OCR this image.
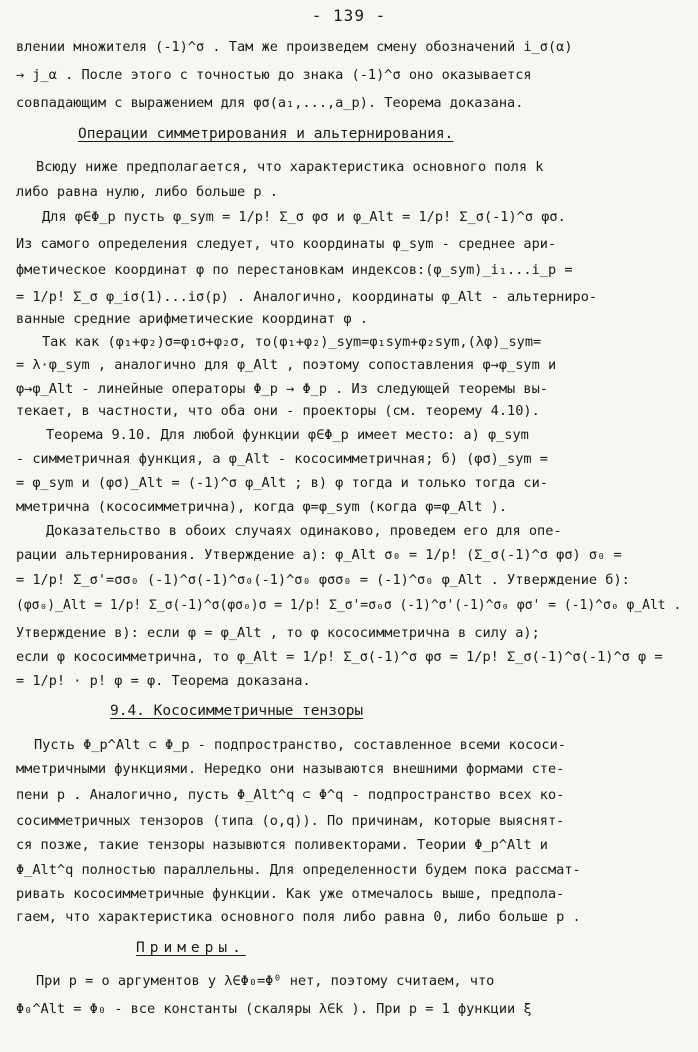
- 139 -
влении множителя (-1)^σ . Там же произведем смену обозначений i_σ(α)
→ j_α . После этого с точностью до знака (-1)^σ оно оказывается
совпадающим с выражением для φσ(a₁,...,a_p). Теорема доказана.
Операции симметрирования и альтернирования.
Всюду ниже предполагается, что характеристика основного поля k
либо равна нулю, либо больше p .
Для φ∈Φ_p пусть φ_sym = 1/p! Σ_σ φσ и φ_Alt = 1/p! Σ_σ(-1)^σ φσ.
Из самого определения следует, что координаты φ_sym - среднее ари-
фметическое координат φ по перестановкам индексов:(φ_sym)_i₁...i_p =
= 1/p! Σ_σ φ_iσ(1)...iσ(p) . Аналогично, координаты φ_Alt - альтерниро-
ванные средние арифметические координат φ .
Так как (φ₁+φ₂)σ=φ₁σ+φ₂σ, то(φ₁+φ₂)_sym=φ₁sym+φ₂sym,(λφ)_sym=
= λ·φ_sym , аналогично для φ_Alt , поэтому сопоставления φ→φ_sym и
φ→φ_Alt - линейные операторы Φ_p → Φ_p . Из следующей теоремы вы-
текает, в частности, что оба они - проекторы (см. теорему 4.10).
Теорема 9.10. Для любой функции φ∈Φ_p имеет место: а) φ_sym
- симметричная функция, а φ_Alt - кососимметричная; б) (φσ)_sym =
= φ_sym и (φσ)_Alt = (-1)^σ φ_Alt ; в) φ тогда и только тогда си-
мметрична (кососимметрична), когда φ=φ_sym (когда φ=φ_Alt ).
Доказательство в обоих случаях одинаково, проведем его для опе-
рации альтернирования. Утверждение а): φ_Alt σ₀ = 1/p! (Σ_σ(-1)^σ φσ) σ₀ =
= 1/p! Σ_σ'=σσ₀ (-1)^σ(-1)^σ₀(-1)^σ₀ φσσ₀ = (-1)^σ₀ φ_Alt . Утверждение б):
(φσ₀)_Alt = 1/p! Σ_σ(-1)^σ(φσ₀)σ = 1/p! Σ_σ'=σ₀σ (-1)^σ'(-1)^σ₀ φσ' = (-1)^σ₀ φ_Alt .
Утверждение в): если φ = φ_Alt , то φ кососимметрична в силу а);
если φ кососимметрична, то φ_Alt = 1/p! Σ_σ(-1)^σ φσ = 1/p! Σ_σ(-1)^σ(-1)^σ φ =
= 1/p! · p! φ = φ. Теорема доказана.
9.4. Кососимметричные тензоры
Пусть Φ_p^Alt ⊂ Φ_p - подпространство, составленное всеми кососи-
мметричными функциями. Нередко они называются внешними формами сте-
пени p . Аналогично, пусть Φ_Alt^q ⊂ Φ^q - подпространство всех ко-
сосимметричных тензоров (типа (o,q)). По причинам, которые выяснят-
ся позже, такие тензоры назывются поливекторами. Теории Φ_p^Alt и
Φ_Alt^q полностью параллельны. Для определенности будем пока рассмат-
ривать кососимметричные функции. Как уже отмечалось выше, предпола-
гаем, что характеристика основного поля либо равна 0, либо больше p .
Примеры.
При p = o аргументов у λ∈Φ₀=Φ⁰ нет, поэтому считаем, что
Φ₀^Alt = Φ₀ - все константы (скаляры λ∈k ). При p = 1 функции ξ
